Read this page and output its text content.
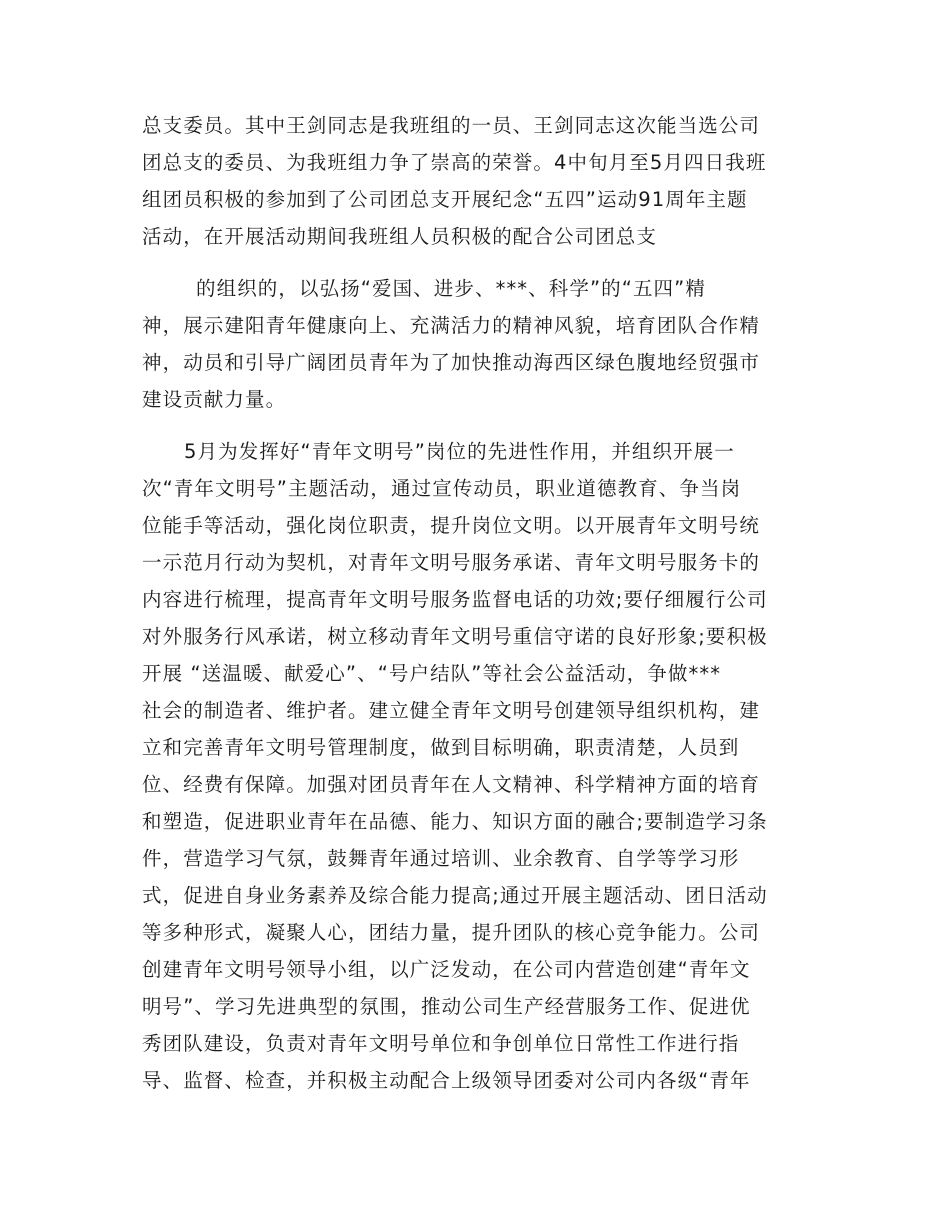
总支委员。其中王剑同志是我班组的一员、王剑同志这次能当选公司
团总支的委员、为我班组力争了崇高的荣誉。4中旬月至5月四日我班
组团员积极的参加到了公司团总支开展纪念“五四”运动91周年主题
活动，在开展活动期间我班组人员积极的配合公司团总支
的组织的，以弘扬“爱国、进步、***、科学”的“五四”精
神，展示建阳青年健康向上、充满活力的精神风貌，培育团队合作精
神，动员和引导广阔团员青年为了加快推动海西区绿色腹地经贸强市
建设贡献力量。
5月为发挥好“青年文明号”岗位的先进性作用，并组织开展一
次“青年文明号”主题活动，通过宣传动员，职业道德教育、争当岗
位能手等活动，强化岗位职责，提升岗位文明。以开展青年文明号统
一示范月行动为契机，对青年文明号服务承诺、青年文明号服务卡的
内容进行梳理，提高青年文明号服务监督电话的功效;要仔细履行公司
对外服务行风承诺，树立移动青年文明号重信守诺的良好形象;要积极
开展 “送温暖、献爱心”、“号户结队”等社会公益活动，争做***
社会的制造者、维护者。建立健全青年文明号创建领导组织机构，建
立和完善青年文明号管理制度，做到目标明确，职责清楚，人员到
位、经费有保障。加强对团员青年在人文精神、科学精神方面的培育
和塑造，促进职业青年在品德、能力、知识方面的融合;要制造学习条
件，营造学习气氛，鼓舞青年通过培训、业余教育、自学等学习形
式，促进自身业务素养及综合能力提高;通过开展主题活动、团日活动
等多种形式，凝聚人心，团结力量，提升团队的核心竞争能力。公司
创建青年文明号领导小组，以广泛发动，在公司内营造创建“青年文
明号”、学习先进典型的氛围，推动公司生产经营服务工作、促进优
秀团队建设，负责对青年文明号单位和争创单位日常性工作进行指
导、监督、检查，并积极主动配合上级领导团委对公司内各级“青年
